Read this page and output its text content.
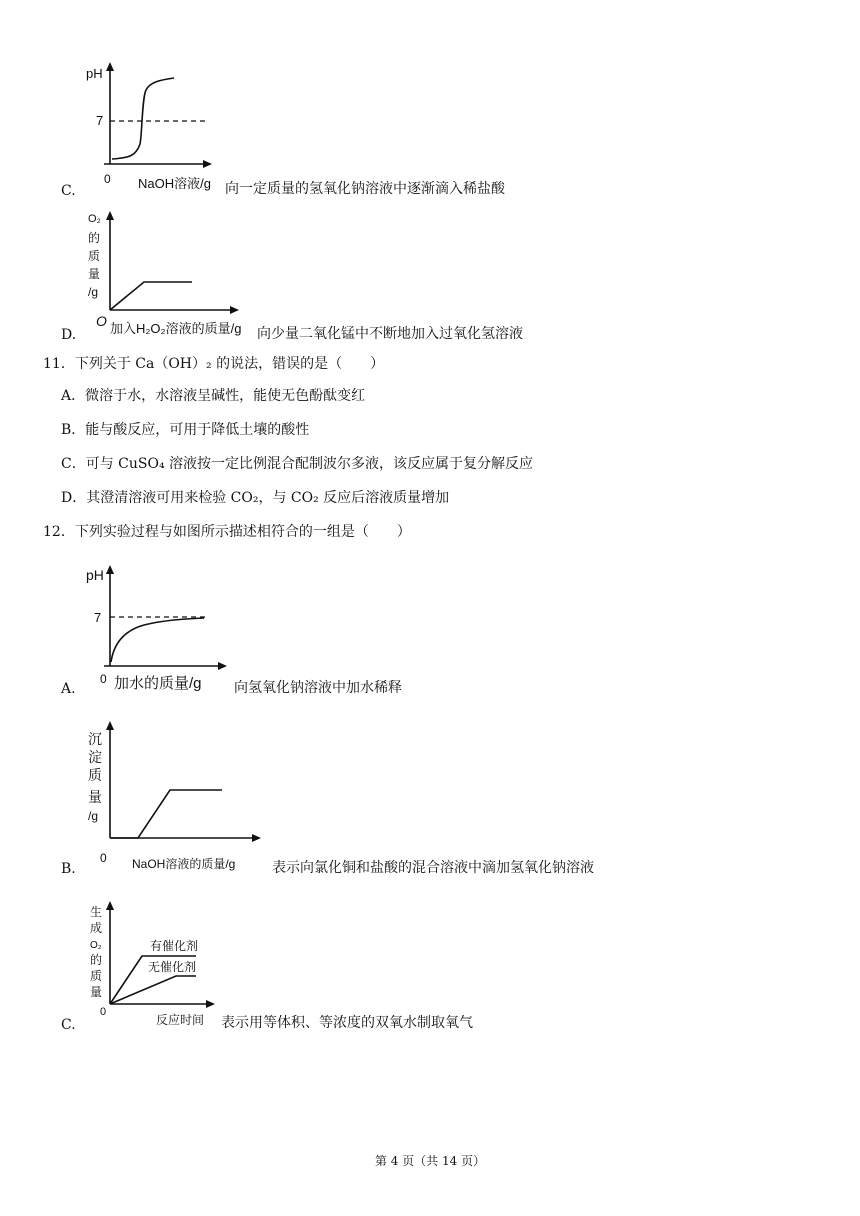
pH
7
0 NaOH溶液/g
C.	向一定质量的氢氧化钠溶液中逐渐滴入稀盐酸
O₂
的
质
量
/g
O 加入H₂O₂溶液的质量/g
D.	向少量二氧化锰中不断地加入过氧化氢溶液
11．下列关于 Ca（OH）₂ 的说法，错误的是（　　）
A．微溶于水，水溶液呈碱性，能使无色酚酞变红
B．能与酸反应，可用于降低土壤的酸性
C．可与 CuSO₄ 溶液按一定比例混合配制波尔多液，该反应属于复分解反应
D．其澄清溶液可用来检验 CO₂，与 CO₂ 反应后溶液质量增加
12．下列实验过程与如图所示描述相符合的一组是（　　）
pH
7
0 加水的质量/g
A.	向氢氧化钠溶液中加水稀释
沉
淀
质
量
/g
0 NaOH溶液的质量/g
B.	表示向氯化铜和盐酸的混合溶液中滴加氢氧化钠溶液
生
成
O₂
的
质
量
有催化剂
无催化剂
0
反应时间
C.	表示用等体积、等浓度的双氧水制取氧气
第 4 页（共 14 页）
